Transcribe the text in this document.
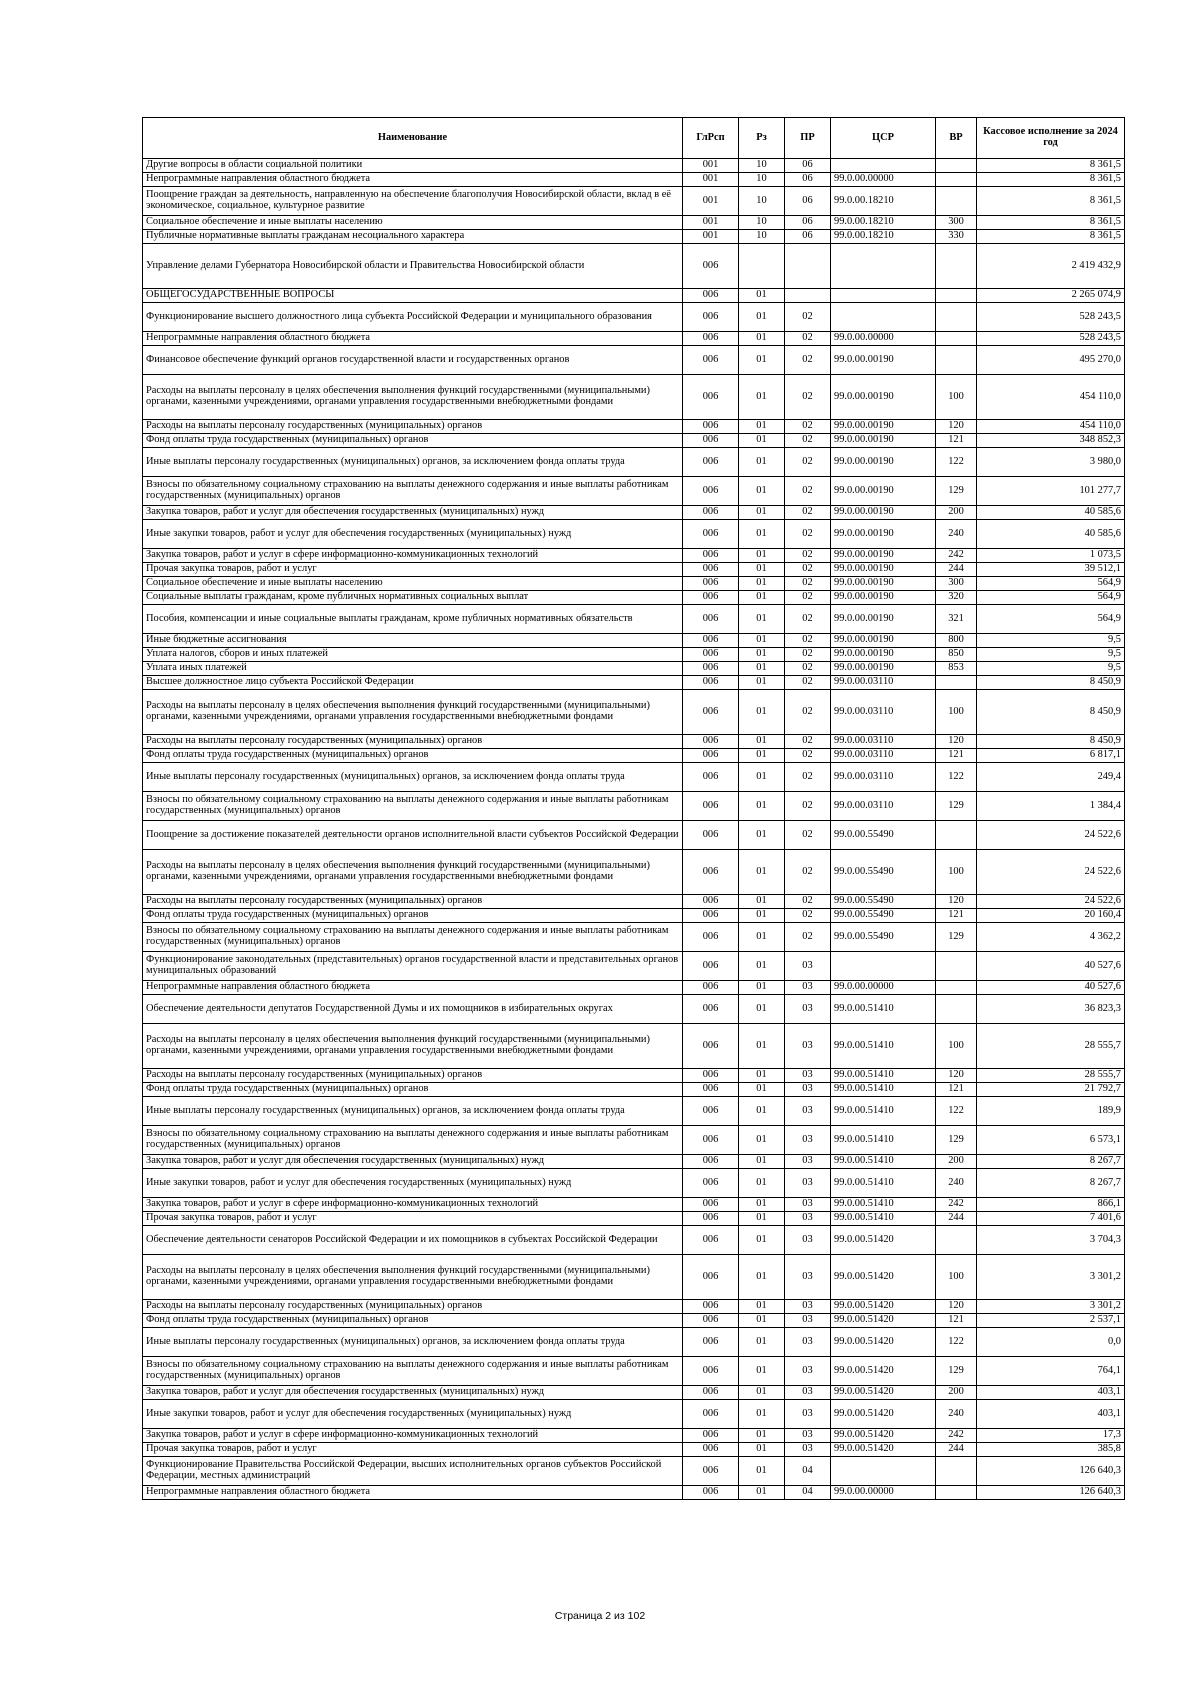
Наименование	ГлРсп	Рз	ПР	ЦСР	ВР	Кассовое исполнение за 2024 год
Другие вопросы в области социальной политики	001	10	06			8 361,5
Непрограммные направления областного бюджета	001	10	06	99.0.00.00000		8 361,5
Поощрение граждан за деятельность, направленную на обеспечение благополучия Новосибирской области, вклад в её экономическое, социальное, культурное развитие	001	10	06	99.0.00.18210		8 361,5
Социальное обеспечение и иные выплаты населению	001	10	06	99.0.00.18210	300	8 361,5
Публичные нормативные выплаты гражданам несоциального характера	001	10	06	99.0.00.18210	330	8 361,5
Управление делами Губернатора Новосибирской области и Правительства Новосибирской области	006					2 419 432,9
ОБЩЕГОСУДАРСТВЕННЫЕ ВОПРОСЫ	006	01				2 265 074,9
Функционирование высшего должностного лица субъекта Российской Федерации и муниципального образования	006	01	02			528 243,5
Непрограммные направления областного бюджета	006	01	02	99.0.00.00000		528 243,5
Финансовое обеспечение функций органов государственной власти и государственных органов	006	01	02	99.0.00.00190		495 270,0
Расходы на выплаты персоналу в целях обеспечения выполнения функций государственными (муниципальными) органами, казенными учреждениями, органами управления государственными внебюджетными фондами	006	01	02	99.0.00.00190	100	454 110,0
Расходы на выплаты персоналу государственных (муниципальных) органов	006	01	02	99.0.00.00190	120	454 110,0
Фонд оплаты труда государственных (муниципальных) органов	006	01	02	99.0.00.00190	121	348 852,3
Иные выплаты персоналу государственных (муниципальных) органов, за исключением фонда оплаты труда	006	01	02	99.0.00.00190	122	3 980,0
Взносы по обязательному социальному страхованию на выплаты денежного содержания и иные выплаты работникам государственных (муниципальных) органов	006	01	02	99.0.00.00190	129	101 277,7
Закупка товаров, работ и услуг для обеспечения государственных (муниципальных) нужд	006	01	02	99.0.00.00190	200	40 585,6
Иные закупки товаров, работ и услуг для обеспечения государственных (муниципальных) нужд	006	01	02	99.0.00.00190	240	40 585,6
Закупка товаров, работ и услуг в сфере информационно-коммуникационных технологий	006	01	02	99.0.00.00190	242	1 073,5
Прочая закупка товаров, работ и услуг	006	01	02	99.0.00.00190	244	39 512,1
Социальное обеспечение и иные выплаты населению	006	01	02	99.0.00.00190	300	564,9
Социальные выплаты гражданам, кроме публичных нормативных социальных выплат	006	01	02	99.0.00.00190	320	564,9
Пособия, компенсации и иные социальные выплаты гражданам, кроме публичных нормативных обязательств	006	01	02	99.0.00.00190	321	564,9
Иные бюджетные ассигнования	006	01	02	99.0.00.00190	800	9,5
Уплата налогов, сборов и иных платежей	006	01	02	99.0.00.00190	850	9,5
Уплата иных платежей	006	01	02	99.0.00.00190	853	9,5
Высшее должностное лицо субъекта Российской Федерации	006	01	02	99.0.00.03110		8 450,9
Расходы на выплаты персоналу в целях обеспечения выполнения функций государственными (муниципальными) органами, казенными учреждениями, органами управления государственными внебюджетными фондами	006	01	02	99.0.00.03110	100	8 450,9
Расходы на выплаты персоналу государственных (муниципальных) органов	006	01	02	99.0.00.03110	120	8 450,9
Фонд оплаты труда государственных (муниципальных) органов	006	01	02	99.0.00.03110	121	6 817,1
Иные выплаты персоналу государственных (муниципальных) органов, за исключением фонда оплаты труда	006	01	02	99.0.00.03110	122	249,4
Взносы по обязательному социальному страхованию на выплаты денежного содержания и иные выплаты работникам государственных (муниципальных) органов	006	01	02	99.0.00.03110	129	1 384,4
Поощрение за достижение показателей деятельности органов исполнительной власти субъектов Российской Федерации	006	01	02	99.0.00.55490		24 522,6
Расходы на выплаты персоналу в целях обеспечения выполнения функций государственными (муниципальными) органами, казенными учреждениями, органами управления государственными внебюджетными фондами	006	01	02	99.0.00.55490	100	24 522,6
Расходы на выплаты персоналу государственных (муниципальных) органов	006	01	02	99.0.00.55490	120	24 522,6
Фонд оплаты труда государственных (муниципальных) органов	006	01	02	99.0.00.55490	121	20 160,4
Взносы по обязательному социальному страхованию на выплаты денежного содержания и иные выплаты работникам государственных (муниципальных) органов	006	01	02	99.0.00.55490	129	4 362,2
Функционирование законодательных (представительных) органов государственной власти и представительных органов муниципальных образований	006	01	03			40 527,6
Непрограммные направления областного бюджета	006	01	03	99.0.00.00000		40 527,6
Обеспечение деятельности депутатов Государственной Думы и их помощников в избирательных округах	006	01	03	99.0.00.51410		36 823,3
Расходы на выплаты персоналу в целях обеспечения выполнения функций государственными (муниципальными) органами, казенными учреждениями, органами управления государственными внебюджетными фондами	006	01	03	99.0.00.51410	100	28 555,7
Расходы на выплаты персоналу государственных (муниципальных) органов	006	01	03	99.0.00.51410	120	28 555,7
Фонд оплаты труда государственных (муниципальных) органов	006	01	03	99.0.00.51410	121	21 792,7
Иные выплаты персоналу государственных (муниципальных) органов, за исключением фонда оплаты труда	006	01	03	99.0.00.51410	122	189,9
Взносы по обязательному социальному страхованию на выплаты денежного содержания и иные выплаты работникам государственных (муниципальных) органов	006	01	03	99.0.00.51410	129	6 573,1
Закупка товаров, работ и услуг для обеспечения государственных (муниципальных) нужд	006	01	03	99.0.00.51410	200	8 267,7
Иные закупки товаров, работ и услуг для обеспечения государственных (муниципальных) нужд	006	01	03	99.0.00.51410	240	8 267,7
Закупка товаров, работ и услуг в сфере информационно-коммуникационных технологий	006	01	03	99.0.00.51410	242	866,1
Прочая закупка товаров, работ и услуг	006	01	03	99.0.00.51410	244	7 401,6
Обеспечение деятельности сенаторов Российской Федерации и их помощников в субъектах Российской Федерации	006	01	03	99.0.00.51420		3 704,3
Расходы на выплаты персоналу в целях обеспечения выполнения функций государственными (муниципальными) органами, казенными учреждениями, органами управления государственными внебюджетными фондами	006	01	03	99.0.00.51420	100	3 301,2
Расходы на выплаты персоналу государственных (муниципальных) органов	006	01	03	99.0.00.51420	120	3 301,2
Фонд оплаты труда государственных (муниципальных) органов	006	01	03	99.0.00.51420	121	2 537,1
Иные выплаты персоналу государственных (муниципальных) органов, за исключением фонда оплаты труда	006	01	03	99.0.00.51420	122	0,0
Взносы по обязательному социальному страхованию на выплаты денежного содержания и иные выплаты работникам государственных (муниципальных) органов	006	01	03	99.0.00.51420	129	764,1
Закупка товаров, работ и услуг для обеспечения государственных (муниципальных) нужд	006	01	03	99.0.00.51420	200	403,1
Иные закупки товаров, работ и услуг для обеспечения государственных (муниципальных) нужд	006	01	03	99.0.00.51420	240	403,1
Закупка товаров, работ и услуг в сфере информационно-коммуникационных технологий	006	01	03	99.0.00.51420	242	17,3
Прочая закупка товаров, работ и услуг	006	01	03	99.0.00.51420	244	385,8
Функционирование Правительства Российской Федерации, высших исполнительных органов субъектов Российской Федерации, местных администраций	006	01	04			126 640,3
Непрограммные направления областного бюджета	006	01	04	99.0.00.00000		126 640,3
Страница 2 из 102
